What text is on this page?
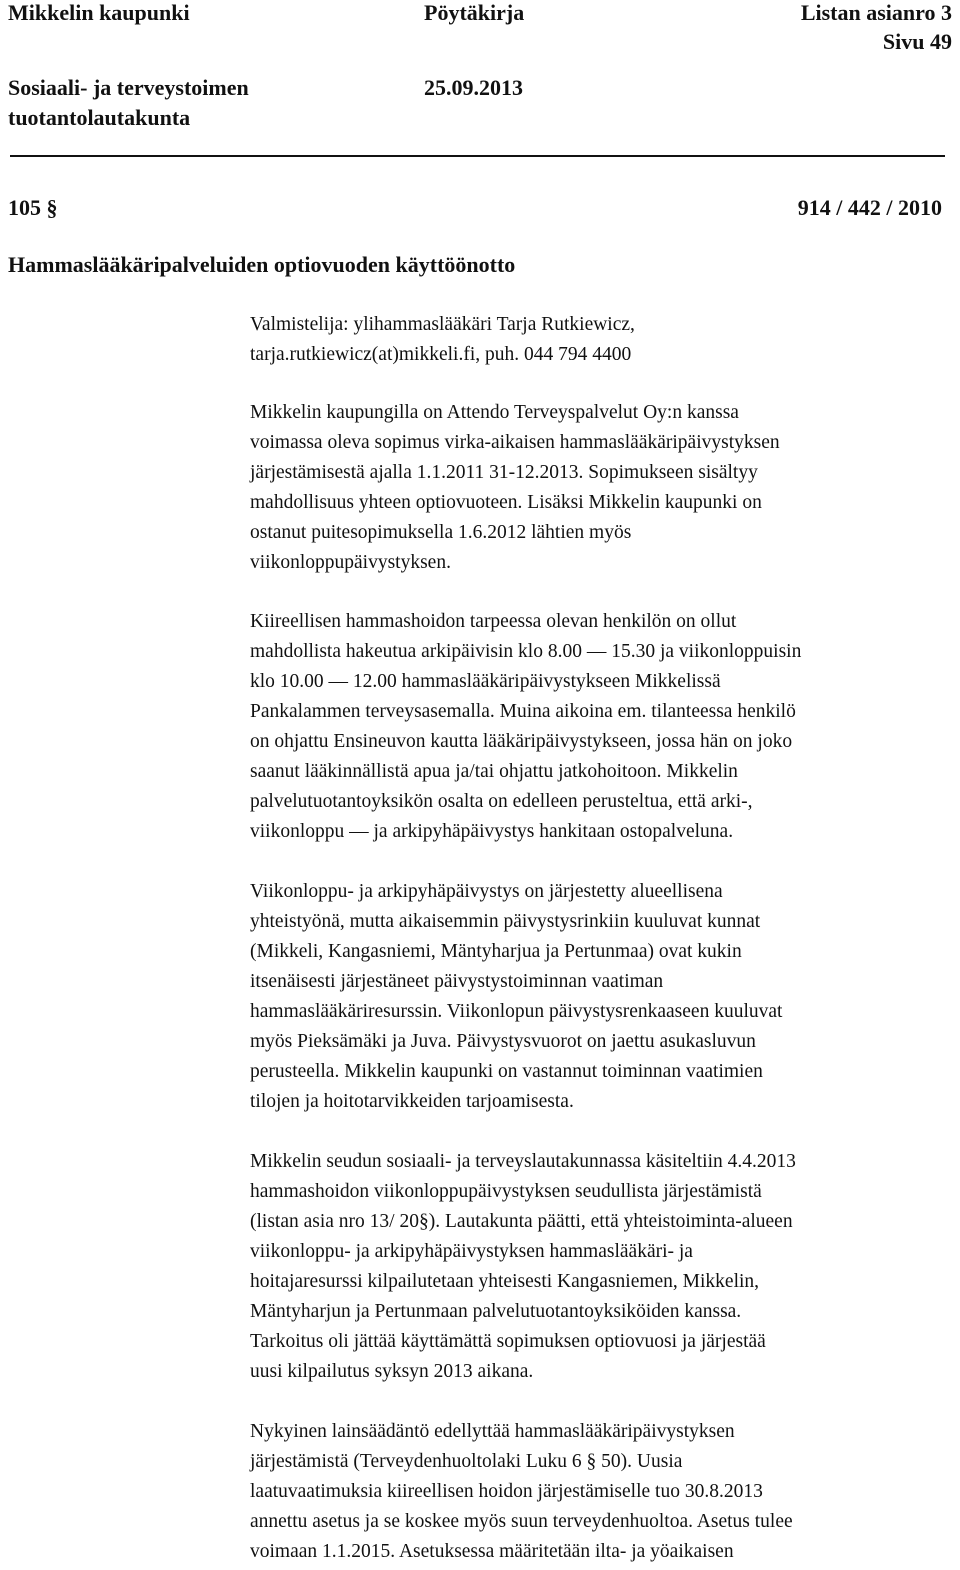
Mikkelin kaupunki	Pöytäkirja	Listan asianro 3
Sivu 49
Sosiaali- ja terveystoimen
tuotantolautakunta
25.09.2013
105 §	914 / 442 / 2010
Hammaslääkäripalveluiden optiovuoden käyttöönotto
Valmistelija: ylihammaslääkäri Tarja Rutkiewicz,
tarja.rutkiewicz(at)mikkeli.fi, puh. 044 794 4400
Mikkelin kaupungilla on Attendo Terveyspalvelut Oy:n kanssa
voimassa oleva sopimus virka-aikaisen hammaslääkäripäivystyksen
järjestämisestä ajalla 1.1.2011 31-12.2013. Sopimukseen sisältyy
mahdollisuus yhteen optiovuoteen. Lisäksi Mikkelin kaupunki on
ostanut puitesopimuksella 1.6.2012 lähtien myös
viikonloppupäivystyksen.
Kiireellisen hammashoidon tarpeessa olevan henkilön on ollut
mahdollista hakeutua arkipäivisin klo 8.00 — 15.30 ja viikonloppuisin
klo 10.00 — 12.00 hammaslääkäripäivystykseen Mikkelissä
Pankalammen terveysasemalla. Muina aikoina em. tilanteessa henkilö
on ohjattu Ensineuvon kautta lääkäripäivystykseen, jossa hän on joko
saanut lääkinnällistä apua ja/tai ohjattu jatkohoitoon. Mikkelin
palvelutuotantoyksikön osalta on edelleen perusteltua, että arki-,
viikonloppu — ja arkipyhäpäivystys hankitaan ostopalveluna.
Viikonloppu- ja arkipyhäpäivystys on järjestetty alueellisena
yhteistyönä, mutta aikaisemmin päivystysrinkiin kuuluvat kunnat
(Mikkeli, Kangasniemi, Mäntyharjua ja Pertunmaa) ovat kukin
itsenäisesti järjestäneet päivystystoiminnan vaatiman
hammaslääkäriresurssin. Viikonlopun päivystysrenkaaseen kuuluvat
myös Pieksämäki ja Juva. Päivystysvuorot on jaettu asukasluvun
perusteella. Mikkelin kaupunki on vastannut toiminnan vaatimien
tilojen ja hoitotarvikkeiden tarjoamisesta.
Mikkelin seudun sosiaali- ja terveyslautakunnassa käsiteltiin 4.4.2013
hammashoidon viikonloppupäivystyksen seudullista järjestämistä
(listan asia nro 13/ 20§). Lautakunta päätti, että yhteistoiminta-alueen
viikonloppu- ja arkipyhäpäivystyksen hammaslääkäri- ja
hoitajaresurssi kilpailutetaan yhteisesti Kangasniemen, Mikkelin,
Mäntyharjun ja Pertunmaan palvelutuotantoyksiköiden kanssa.
Tarkoitus oli jättää käyttämättä sopimuksen optiovuosi ja järjestää
uusi kilpailutus syksyn 2013 aikana.
Nykyinen lainsäädäntö edellyttää hammaslääkäripäivystyksen
järjestämistä (Terveydenhuoltolaki Luku 6 § 50). Uusia
laatuvaatimuksia kiireellisen hoidon järjestämiselle tuo 30.8.2013
annettu asetus ja se koskee myös suun terveydenhuoltoa. Asetus tulee
voimaan 1.1.2015. Asetuksessa määritetään ilta- ja yöaikaisen
